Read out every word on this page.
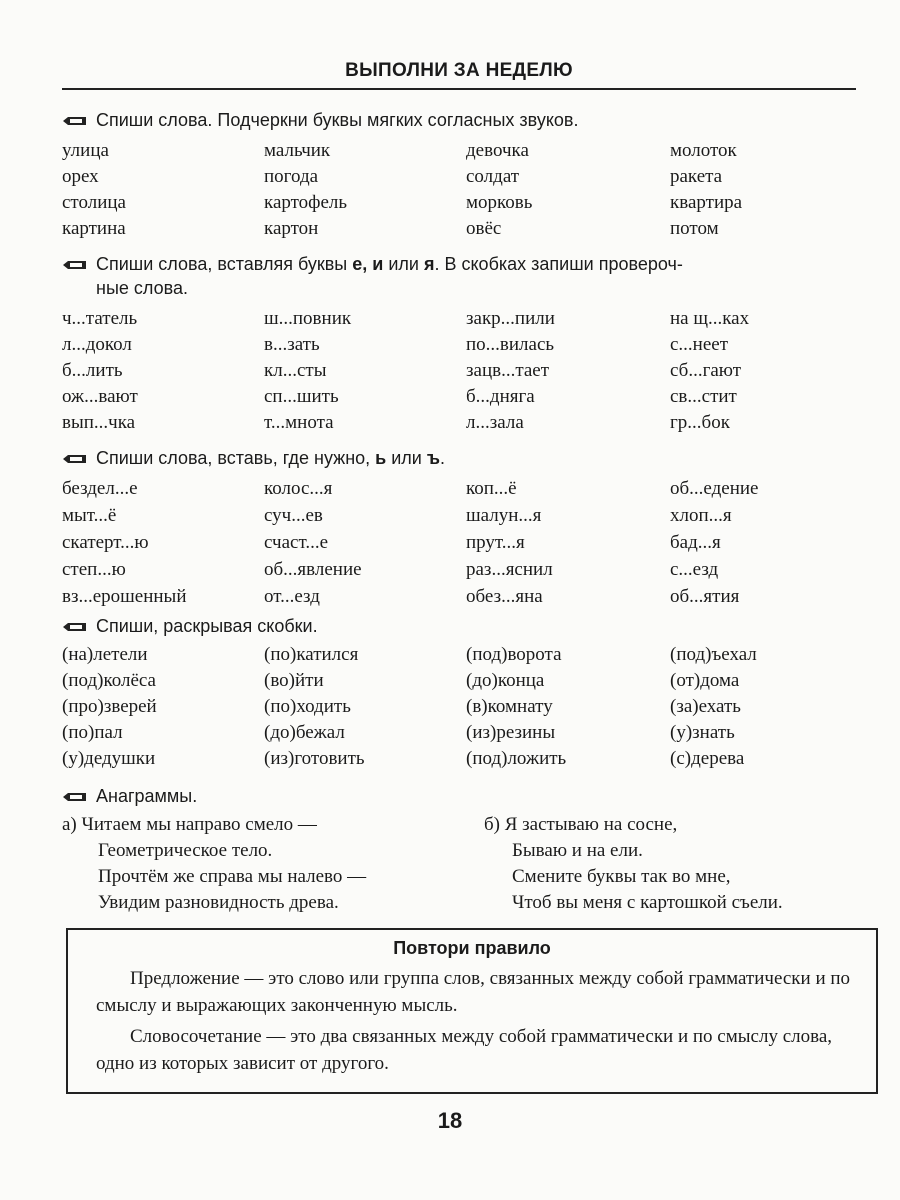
ВЫПОЛНИ ЗА НЕДЕЛЮ
Спиши слова. Подчеркни буквы мягких согласных звуков.
улица	мальчик	девочка	молоток
орех	погода	солдат	ракета
столица	картофель	морковь	квартира
картина	картон	овёс	потом
Спиши слова, вставляя буквы е, и или я. В скобках запиши провероч-
ные слова.
ч...татель	ш...повник	закр...пили	на щ...ках
л...докол	в...зать	по...вилась	с...неет
б...лить	кл...сты	зацв...тает	сб...гают
ож...вают	сп...шить	б...дняга	св...стит
вып...чка	т...мнота	л...зала	гр...бок
Спиши слова, вставь, где нужно, ь или ъ.
бездел...е	колос...я	коп...ё	об...едение
мыт...ё	суч...ев	шалун...я	хлоп...я
скатерт...ю	счаст...е	прут...я	бад...я
степ...ю	об...явление	раз...яснил	с...езд
вз...ерошенный	от...езд	обез...яна	об...ятия
Спиши, раскрывая скобки.
(на)летели	(по)катился	(под)ворота	(под)ъехал
(под)колёса	(во)йти	(до)конца	(от)дома
(про)зверей	(по)ходить	(в)комнату	(за)ехать
(по)пал	(до)бежал	(из)резины	(у)знать
(у)дедушки	(из)готовить	(под)ложить	(с)дерева
Анаграммы.
а) Читаем мы направо смело —
Геометрическое тело.
Прочтём же справа мы налево —
Увидим разновидность древа.
б) Я застываю на сосне,
Бываю и на ели.
Смените буквы так во мне,
Чтоб вы меня с картошкой съели.
Повтори правило

Предложение — это слово или группа слов, связанных между собой грамматически и по смыслу и выражающих законченную мысль.

Словосочетание — это два связанных между собой грамматически и по смыслу слова, одно из которых зависит от другого.

18
